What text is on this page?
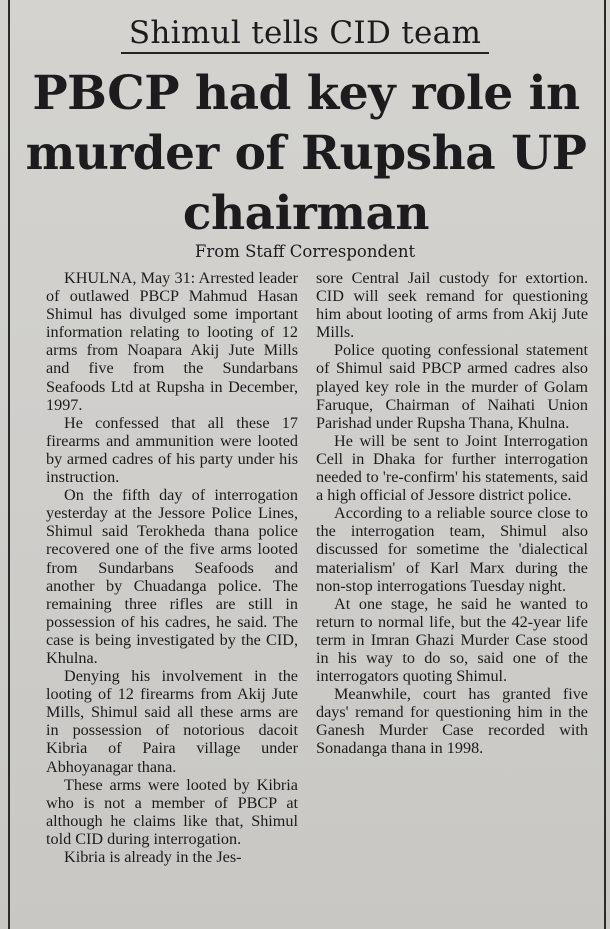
Shimul tells CID team
PBCP had key role in murder of Rupsha UP chairman
From Staff Correspondent

KHULNA, May 31: Arrested leader of outlawed PBCP Mahmud Hasan Shimul has divulged some important information relating to looting of 12 arms from Noapara Akij Jute Mills and five from the Sundarbans Seafoods Ltd at Rupsha in December, 1997.

He confessed that all these 17 firearms and ammunition were looted by armed cadres of his party under his instruction.

On the fifth day of interrogation yesterday at the Jessore Police Lines, Shimul said Terokheda thana police recovered one of the five arms looted from Sundarbans Seafoods and another by Chuadanga police. The remaining three rifles are still in possession of his cadres, he said. The case is being investigated by the CID, Khulna.

Denying his involvement in the looting of 12 firearms from Akij Jute Mills, Shimul said all these arms are in possession of notorious dacoit Kibria of Paira village under Abhoyanagar thana.

These arms were looted by Kibria who is not a member of PBCP at although he claims like that, Shimul told CID during interrogation.

Kibria is already in the Jes-

sore Central Jail custody for extortion. CID will seek remand for questioning him about looting of arms from Akij Jute Mills.

Police quoting confessional statement of Shimul said PBCP armed cadres also played key role in the murder of Golam Faruque, Chairman of Naihati Union Parishad under Rupsha Thana, Khulna.

He will be sent to Joint Interrogation Cell in Dhaka for further interrogation needed to 're-confirm' his statements, said a high official of Jessore district police.

According to a reliable source close to the interrogation team, Shimul also discussed for sometime the 'dialectical materialism' of Karl Marx during the non-stop interrogations Tuesday night.

At one stage, he said he wanted to return to normal life, but the 42-year life term in Imran Ghazi Murder Case stood in his way to do so, said one of the interrogators quoting Shimul.

Meanwhile, court has granted five days' remand for questioning him in the Ganesh Murder Case recorded with Sonadanga thana in 1998.
